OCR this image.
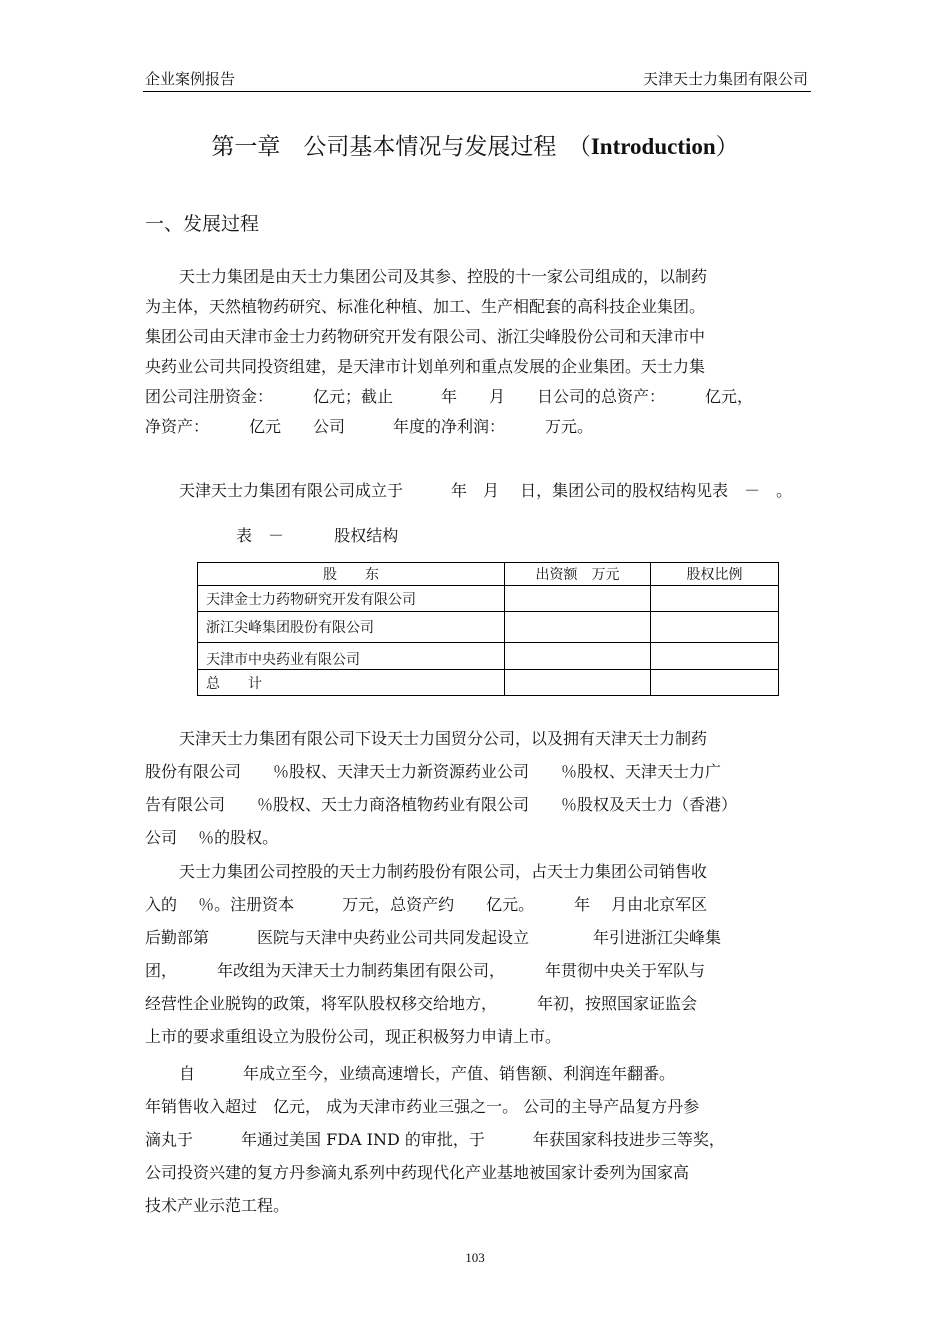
企业案例报告	天津天士力集团有限公司
第一章　公司基本情况与发展过程　（Introduction）
一、发展过程
天士力集团是由天士力集团公司及其参、控股的十一家公司组成的，以制药
为主体，天然植物药研究、标准化种植、加工、生产相配套的高科技企业集团。
集团公司由天津市金士力药物研究开发有限公司、浙江尖峰股份公司和天津市中
央药业公司共同投资组建，是天津市计划单列和重点发展的企业集团。天士力集
团公司注册资金：　　　亿元；截止　　　年　　月　　日公司的总资产：　　　亿元，
净资产：　　　亿元　　公司　　　年度的净利润：　　　万元。
天津天士力集团有限公司成立于　　　年　月　 日，集团公司的股权结构见表　－　。
表　－	股权结构
股　　东	出资额　万元	股权比例
天津金士力药物研究开发有限公司		
浙江尖峰集团股份有限公司		
天津市中央药业有限公司		
总　　计		
天津天士力集团有限公司下设天士力国贸分公司，以及拥有天津天士力制药
股份有限公司　　％股权、天津天士力新资源药业公司　　％股权、天津天士力广
告有限公司　　％股权、天士力商洛植物药业有限公司　　％股权及天士力（香港）
公司　 ％的股权。
天士力集团公司控股的天士力制药股份有限公司，占天士力集团公司销售收
入的　 ％。注册资本　　　万元，总资产约　　亿元。　　　年　 月由北京军区
后勤部第　　　医院与天津中央药业公司共同发起设立　　　　年引进浙江尖峰集
团，　　　年改组为天津天士力制药集团有限公司，　　　年贯彻中央关于军队与
经营性企业脱钩的政策，将军队股权移交给地方，　　　年初，按照国家证监会
上市的要求重组设立为股份公司，现正积极努力申请上市。
自　　　年成立至今，业绩高速增长，产值、销售额、利润连年翻番。
年销售收入超过　亿元， 成为天津市药业三强之一。 公司的主导产品复方丹参
滴丸于　　　年通过美国 FDA IND 的审批，于　　　年获国家科技进步三等奖，
公司投资兴建的复方丹参滴丸系列中药现代化产业基地被国家计委列为国家高
技术产业示范工程。
103
